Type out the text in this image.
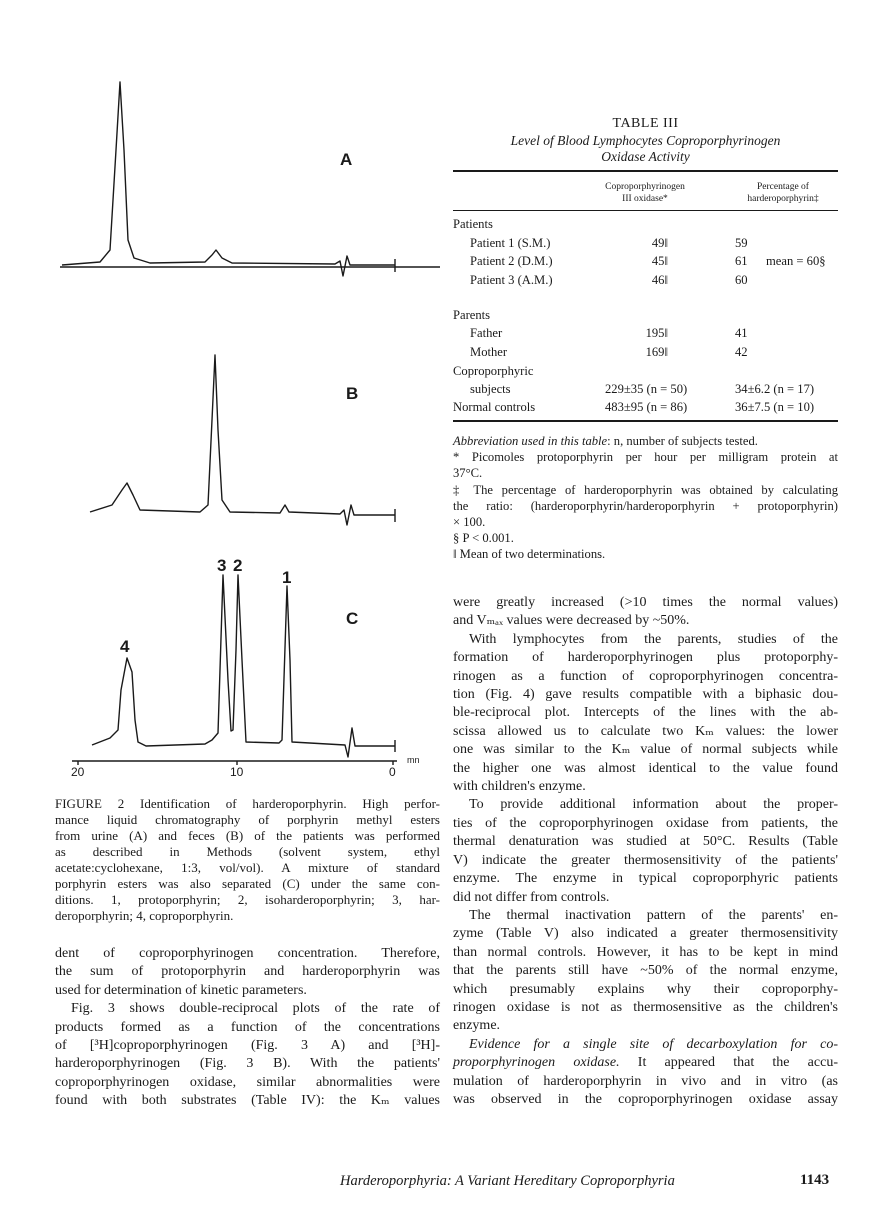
A
B
C
4
3 2
1
20	10	0
mn
FIGURE 2 Identification of harderoporphyrin. High perfor-
mance liquid chromatography of porphyrin methyl esters
from urine (A) and feces (B) of the patients was performed
as described in Methods (solvent system, ethyl
acetate:cyclohexane, 1:3, vol/vol). A mixture of standard
porphyrin esters was also separated (C) under the same con-
ditions. 1, protoporphyrin; 2, isoharderoporphyrin; 3, har-
deroporphyrin; 4, coproporphyrin.
TABLE III
Level of Blood Lymphocytes Coproporphyrinogen
Oxidase Activity
Coproporphyrinogen
III oxidase*
Percentage of
harderoporphyrin‡
Patients
Patient 1 (S.M.)	49‖	59
Patient 2 (D.M.)	45‖	61 mean = 60§
Patient 3 (A.M.)	46‖	60
Parents
Father	195‖	41
Mother	169‖	42
Coproporphyric
subjects	229±35 (n = 50)	34±6.2 (n = 17)
Normal controls	483±95 (n = 86)	36±7.5 (n = 10)
Abbreviation used in this table: n, number of subjects tested.
* Picomoles protoporphyrin per hour per milligram protein at
37°C.
‡ The percentage of harderoporphyrin was obtained by calculating
the ratio: (harderoporphyrin/harderoporphyrin + protoporphyrin)
× 100.
§ P < 0.001.
‖ Mean of two determinations.
dent of coproporphyrinogen concentration. Therefore,
the sum of protoporphyrin and harderoporphyrin was
used for determination of kinetic parameters.
Fig. 3 shows double-reciprocal plots of the rate of
products formed as a function of the concentrations
of [³H]coproporphyrinogen (Fig. 3 A) and [³H]-
harderoporphyrinogen (Fig. 3 B). With the patients'
coproporphyrinogen oxidase, similar abnormalities were
found with both substrates (Table IV): the Kₘ values
were greatly increased (>10 times the normal values)
and Vₘₐₓ values were decreased by ~50%.
With lymphocytes from the parents, studies of the
formation of harderoporphyrinogen plus protoporphy-
rinogen as a function of coproporphyrinogen concentra-
tion (Fig. 4) gave results compatible with a biphasic dou-
ble-reciprocal plot. Intercepts of the lines with the ab-
scissa allowed us to calculate two Kₘ values: the lower
one was similar to the Kₘ value of normal subjects while
the higher one was almost identical to the value found
with children's enzyme.
To provide additional information about the proper-
ties of the coproporphyrinogen oxidase from patients, the
thermal denaturation was studied at 50°C. Results (Table
V) indicate the greater thermosensitivity of the patients'
enzyme. The enzyme in typical coproporphyric patients
did not differ from controls.
The thermal inactivation pattern of the parents' en-
zyme (Table V) also indicated a greater thermosensitivity
than normal controls. However, it has to be kept in mind
that the parents still have ~50% of the normal enzyme,
which presumably explains why their coproporphy-
rinogen oxidase is not as thermosensitive as the children's
enzyme.
Evidence for a single site of decarboxylation for co-
proporphyrinogen oxidase. It appeared that the accu-
mulation of harderoporphyrin in vivo and in vitro (as
was observed in the coproporphyrinogen oxidase assay
Harderoporphyria: A Variant Hereditary Coproporphyria	1143
